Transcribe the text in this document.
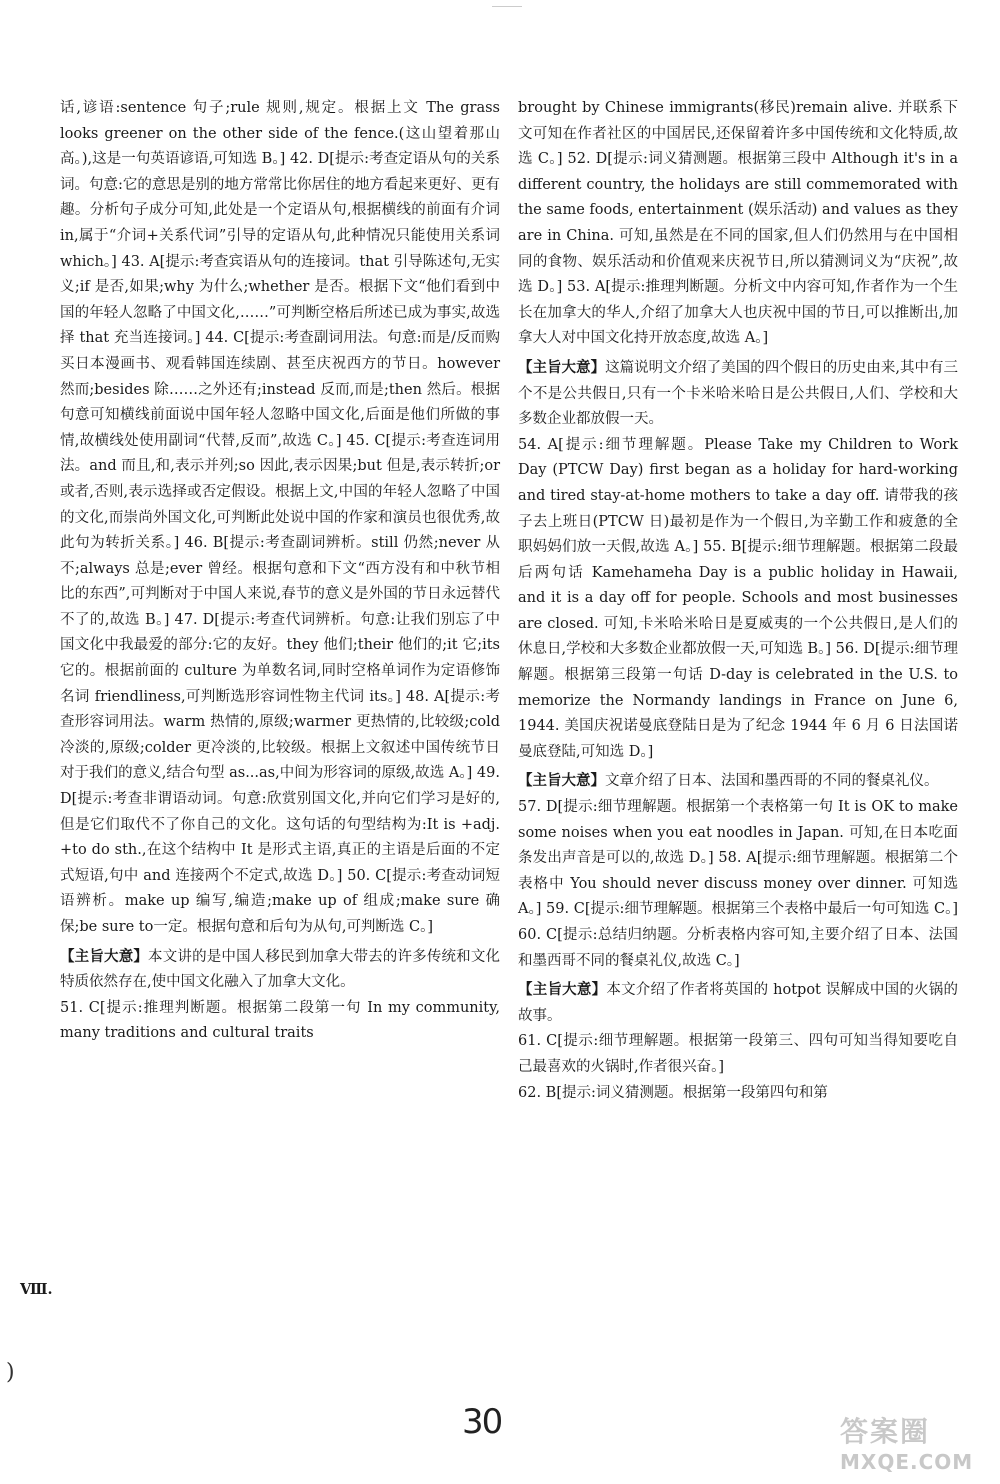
话,谚语:sentence 句子;rule 规则,规定。根据上文 The grass looks greener on the other side of the fence.(这山望着那山高。),这是一句英语谚语,可知选 B。] 42. D[提示:考查定语从句的关系词。句意:它的意思是别的地方常常比你居住的地方看起来更好、更有趣。分析句子成分可知,此处是一个定语从句,根据横线的前面有介词 in,属于“介词+关系代词”引导的定语从句,此种情况只能使用关系词 which。] 43. A[提示:考查宾语从句的连接词。that 引导陈述句,无实义;if 是否,如果;why 为什么;whether 是否。根据下文“他们看到中国的年轻人忽略了中国文化,……”可判断空格后所述已成为事实,故选择 that 充当连接词。] 44. C[提示:考查副词用法。句意:而是/反而购买日本漫画书、观看韩国连续剧、甚至庆祝西方的节日。however 然而;besides 除……之外还有;instead 反而,而是;then 然后。根据句意可知横线前面说中国年轻人忽略中国文化,后面是他们所做的事情,故横线处使用副词“代替,反而”,故选 C。] 45. C[提示:考查连词用法。and 而且,和,表示并列;so 因此,表示因果;but 但是,表示转折;or 或者,否则,表示选择或否定假设。根据上文,中国的年轻人忽略了中国的文化,而崇尚外国文化,可判断此处说中国的作家和演员也很优秀,故此句为转折关系。] 46. B[提示:考查副词辨析。still 仍然;never 从不;always 总是;ever 曾经。根据句意和下文“西方没有和中秋节相比的东西”,可判断对于中国人来说,春节的意义是外国的节日永远替代不了的,故选 B。] 47. D[提示:考查代词辨析。句意:让我们别忘了中国文化中我最爱的部分:它的友好。they 他们;their 他们的;it 它;its 它的。根据前面的 culture 为单数名词,同时空格单词作为定语修饰名词 friendliness,可判断选形容词性物主代词 its。] 48. A[提示:考查形容词用法。warm 热情的,原级;warmer 更热情的,比较级;cold 冷淡的,原级;colder 更冷淡的,比较级。根据上文叙述中国传统节日对于我们的意义,结合句型 as...as,中间为形容词的原级,故选 A。] 49. D[提示:考查非谓语动词。句意:欣赏别国文化,并向它们学习是好的,但是它们取代不了你自己的文化。这句话的句型结构为:It is +adj. +to do sth.,在这个结构中 It 是形式主语,真正的主语是后面的不定式短语,句中 and 连接两个不定式,故选 D。] 50. C[提示:考查动词短语辨析。make up 编写,编造;make up of 组成;make sure 确保;be sure to一定。根据句意和后句为从句,可判断选 C。]

【主旨大意】本文讲的是中国人移民到加拿大带去的许多传统和文化特质依然存在,使中国文化融入了加拿大文化。

51. C[提示:推理判断题。根据第二段第一句 In my community, many traditions and cultural traits

Ⅷ.

brought by Chinese immigrants(移民)remain alive. 并联系下文可知在作者社区的中国居民,还保留着许多中国传统和文化特质,故选 C。] 52. D[提示:词义猜测题。根据第三段中 Although it's in a different country, the holidays are still commemorated with the same foods, entertainment (娱乐活动) and values as they are in China. 可知,虽然是在不同的国家,但人们仍然用与在中国相同的食物、娱乐活动和价值观来庆祝节日,所以猜测词义为“庆祝”,故选 D。] 53. A[提示:推理判断题。分析文中内容可知,作者作为一个生长在加拿大的华人,介绍了加拿大人也庆祝中国的节日,可以推断出,加拿大人对中国文化持开放态度,故选 A。]

【主旨大意】这篇说明文介绍了美国的四个假日的历史由来,其中有三个不是公共假日,只有一个卡米哈米哈日是公共假日,人们、学校和大多数企业都放假一天。

54. A[提示:细节理解题。Please Take my Children to Work Day (PTCW Day) first began as a holiday for hard-working and tired stay-at-home mothers to take a day off. 请带我的孩子去上班日(PTCW 日)最初是作为一个假日,为辛勤工作和疲惫的全职妈妈们放一天假,故选 A。] 55. B[提示:细节理解题。根据第二段最后两句话 Kamehameha Day is a public holiday in Hawaii, and it is a day off for people. Schools and most businesses are closed. 可知,卡米哈米哈日是夏威夷的一个公共假日,是人们的休息日,学校和大多数企业都放假一天,可知选 B。] 56. D[提示:细节理解题。根据第三段第一句话 D-day is celebrated in the U.S. to memorize the Normandy landings in France on June 6, 1944. 美国庆祝诺曼底登陆日是为了纪念 1944 年 6 月 6 日法国诺曼底登陆,可知选 D。]

【主旨大意】文章介绍了日本、法国和墨西哥的不同的餐桌礼仪。

57. D[提示:细节理解题。根据第一个表格第一句 It is OK to make some noises when you eat noodles in Japan. 可知,在日本吃面条发出声音是可以的,故选 D。] 58. A[提示:细节理解题。根据第二个表格中 You should never discuss money over dinner. 可知选 A。] 59. C[提示:细节理解题。根据第三个表格中最后一句可知选 C。] 60. C[提示:总结归纳题。分析表格内容可知,主要介绍了日本、法国和墨西哥不同的餐桌礼仪,故选 C。]

【主旨大意】本文介绍了作者将英国的 hotpot 误解成中国的火锅的故事。

61. C[提示:细节理解题。根据第一段第三、四句可知当得知要吃自己最喜欢的火锅时,作者很兴奋。]

62. B[提示:词义猜测题。根据第一段第四句和第

)
30	答案圈
MXQE.COM
